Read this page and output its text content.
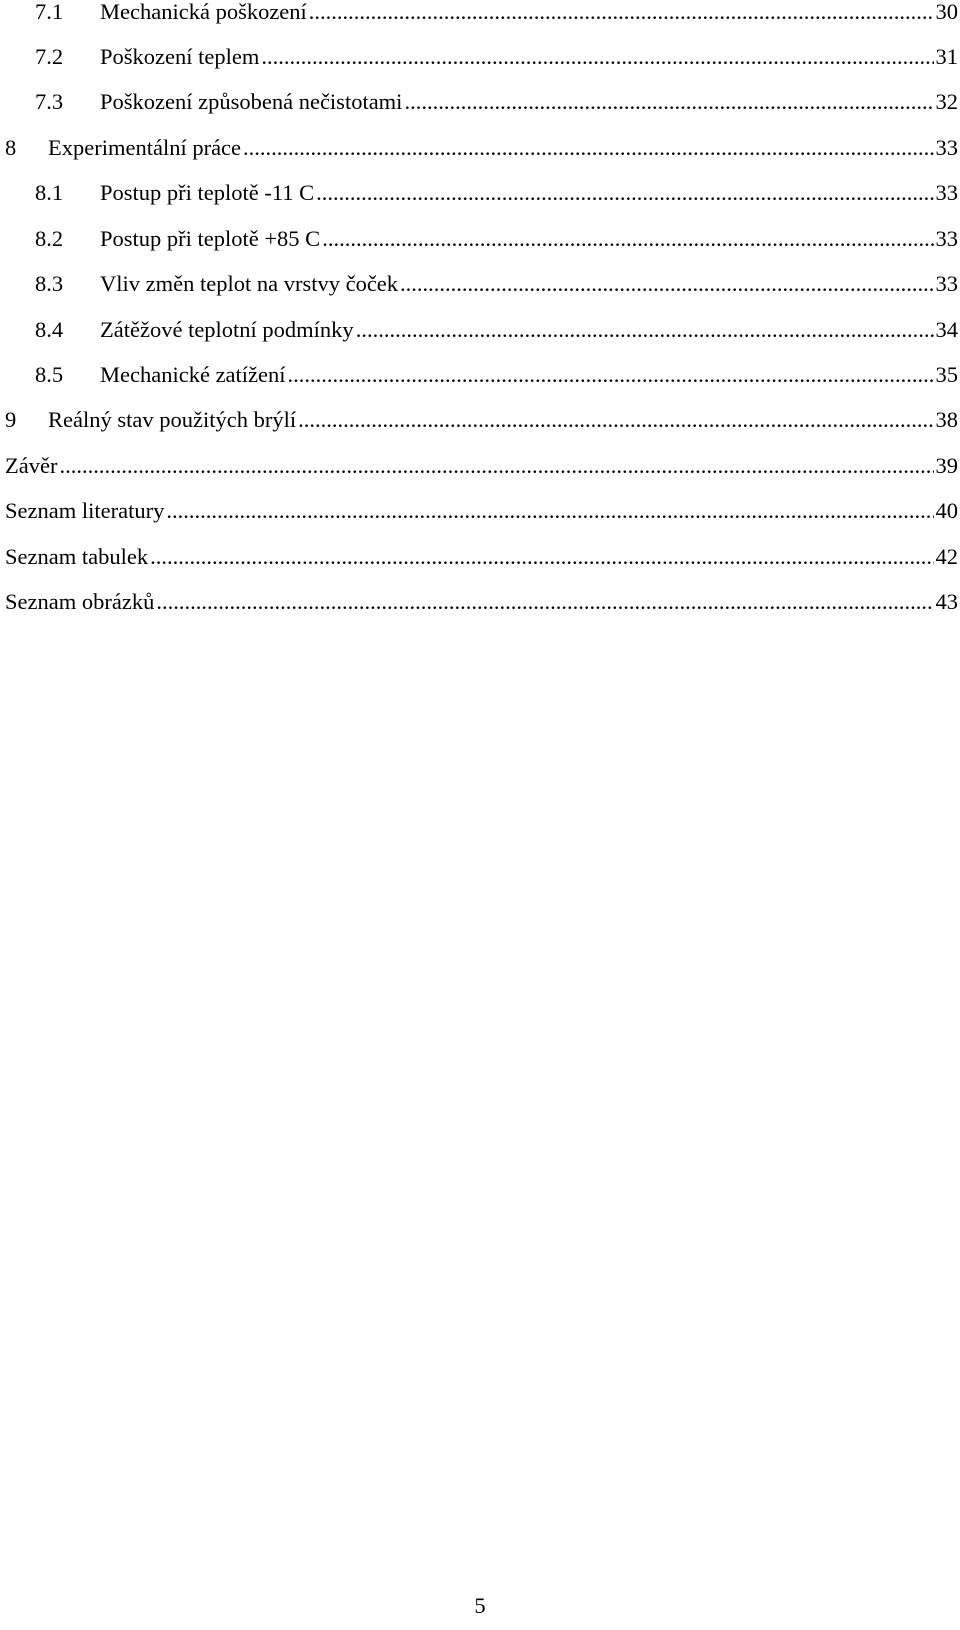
7.1	Mechanická poškození .....	30
7.2	Poškození teplem .....	31
7.3	Poškození způsobená nečistotami .....	32
8	Experimentální práce .....	33
8.1	Postup při teplotě -11 C .....	33
8.2	Postup při teplotě +85 C .....	33
8.3	Vliv změn teplot na vrstvy čoček .....	33
8.4	Zátěžové teplotní podmínky .....	34
8.5	Mechanické zatížení .....	35
9	Reálný stav použitých brýlí .....	38
Závěr .....	39
Seznam literatury .....	40
Seznam tabulek .....	42
Seznam obrázků .....	43
5
